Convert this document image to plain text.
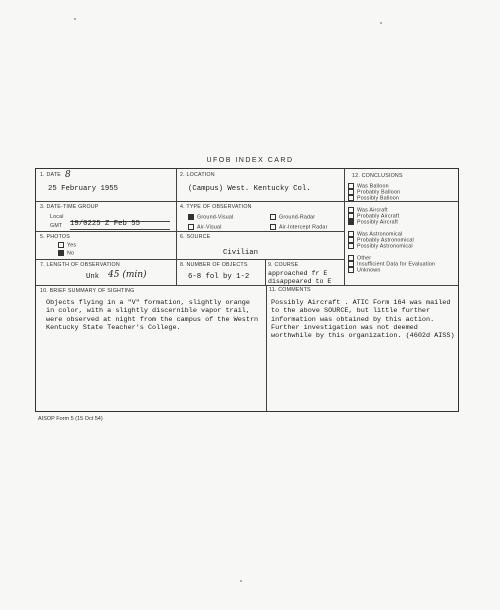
UFOB INDEX CARD
1. DATE 8
25 February 1955
2. LOCATION
(Campus) West. Kentucky Col.
3. DATE-TIME GROUP
Local
GMT 19/0225 Z Feb 55
4. TYPE OF OBSERVATION
Ground-Visual	Ground-Radar
Air-Visual	Air-Intercept Radar
5. PHOTOS
Yes
No
6. SOURCE
Civilian
7. LENGTH OF OBSERVATION
Unk 45 (min)
8. NUMBER OF OBJECTS
6-8 fol by 1-2
9. COURSE
approached fr E
disappeared to E
10. BRIEF SUMMARY OF SIGHTING
Objects flying in a "V" formation, slightly orange in color, with a slightly discernible vapor trail, were observed at night from the campus of the Westrn Kentucky State Teacher's College.
12. CONCLUSIONS
Was Balloon
Probably Balloon
Possibly Balloon
Was Aircraft
Probably Aircraft
Possibly Aircraft
Was Astronomical
Probably Astronomical
Possibly Astronomical
Other
Insufficient Data for Evaluation
Unknown
11. COMMENTS
Possibly Aircraft . ATIC Form 164 was mailed to the above SOURCE, but little further information was obtained by this action. Further investigation was not deemed worthwhile by this organization. (4602d AISS)
AISOP Form 5 (15 Oct 54)
